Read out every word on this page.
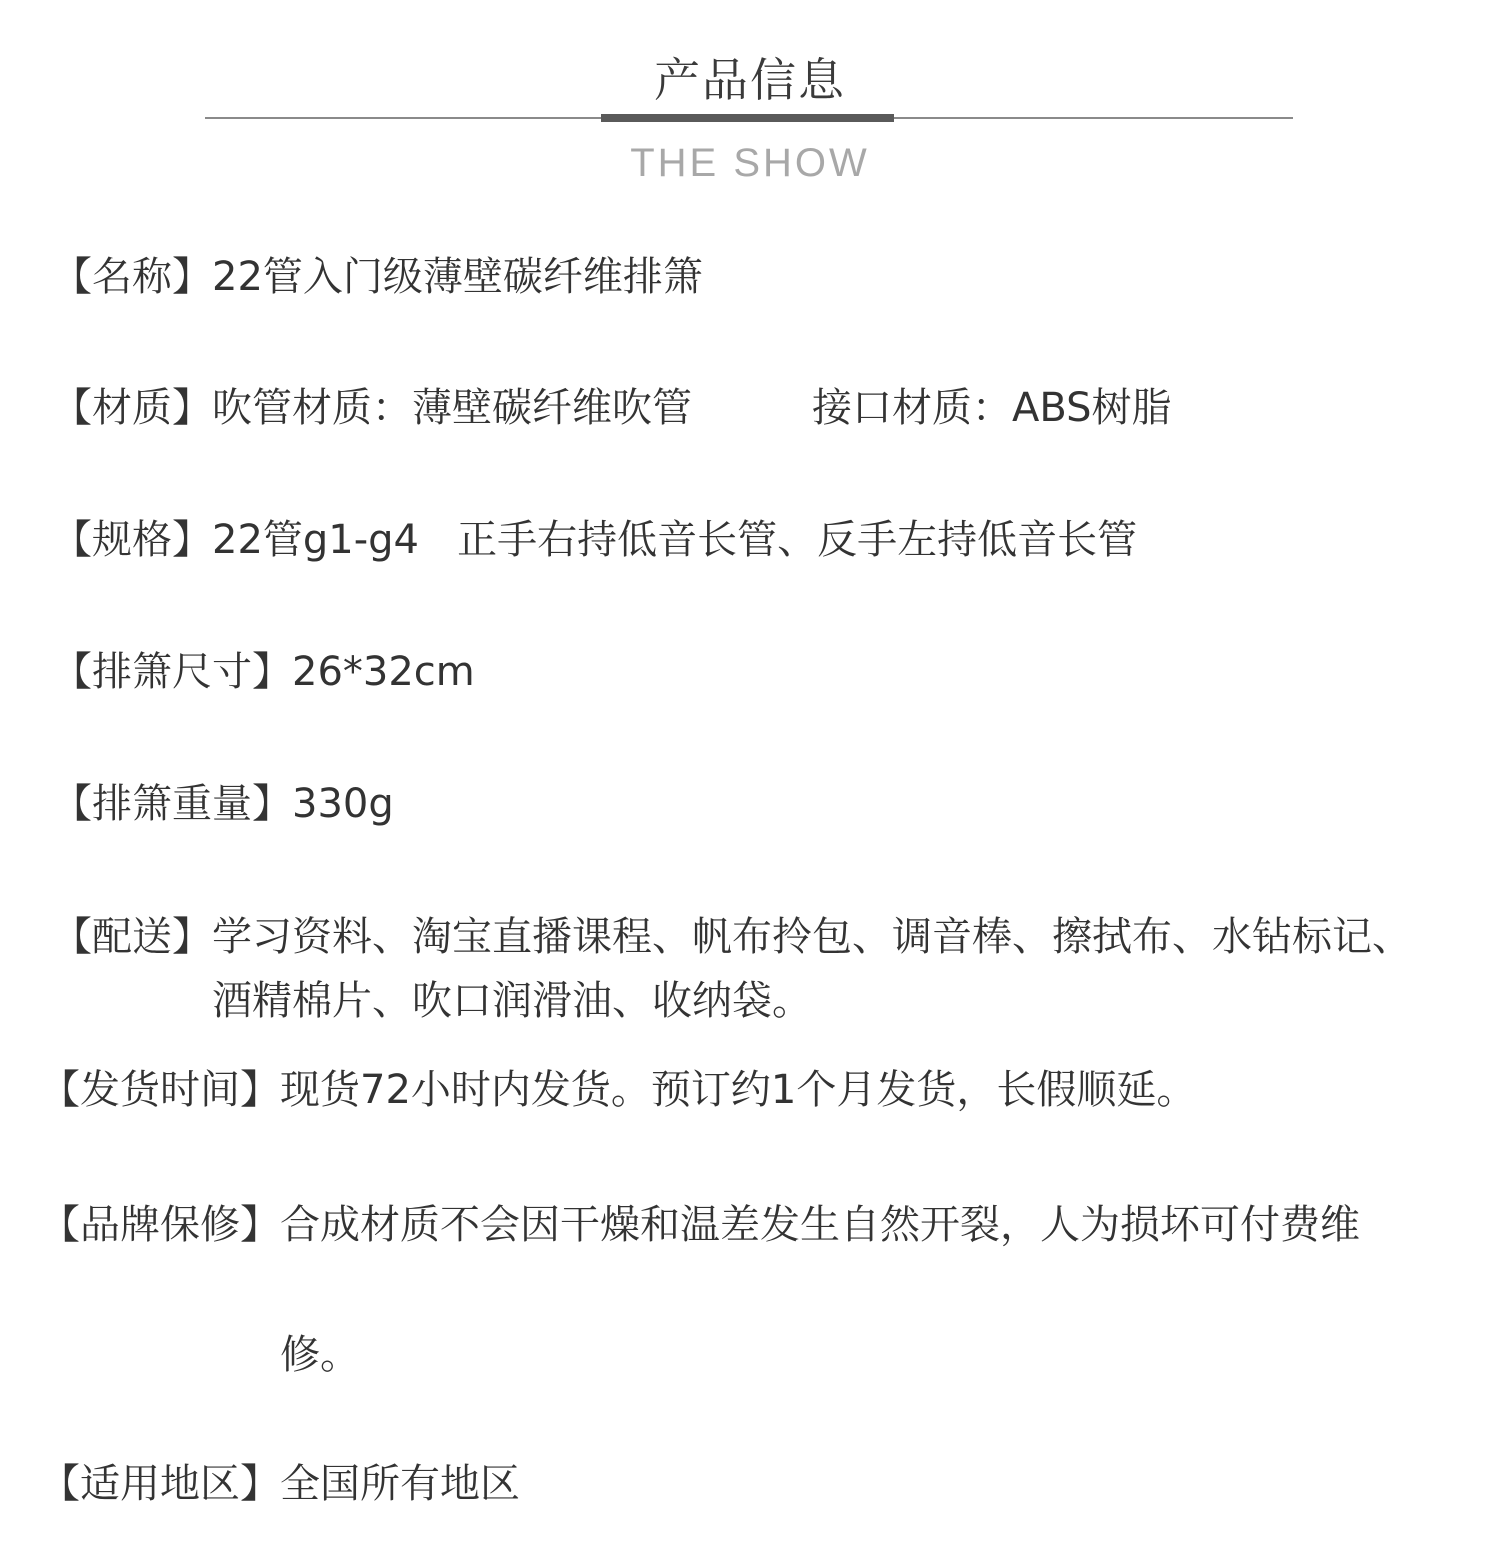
产品信息
THE SHOW
【名称】 22管入门级薄壁碳纤维排箫
【材质】 吹管材质：薄壁碳纤维吹管	接口材质：ABS树脂
【规格】 22管g1-g4   正手右持低音长管、反手左持低音长管
【排箫尺寸】 26*32cm
【排箫重量】 330g
【配送】 学习资料、淘宝直播课程、帆布拎包、调音棒、擦拭布、水钻标记、酒精棉片、吹口润滑油、收纳袋。
【发货时间】 现货72小时内发货。预订约1个月发货，长假顺延。
【品牌保修】 合成材质不会因干燥和温差发生自然开裂，人为损坏可付费维修。
【适用地区】 全国所有地区
